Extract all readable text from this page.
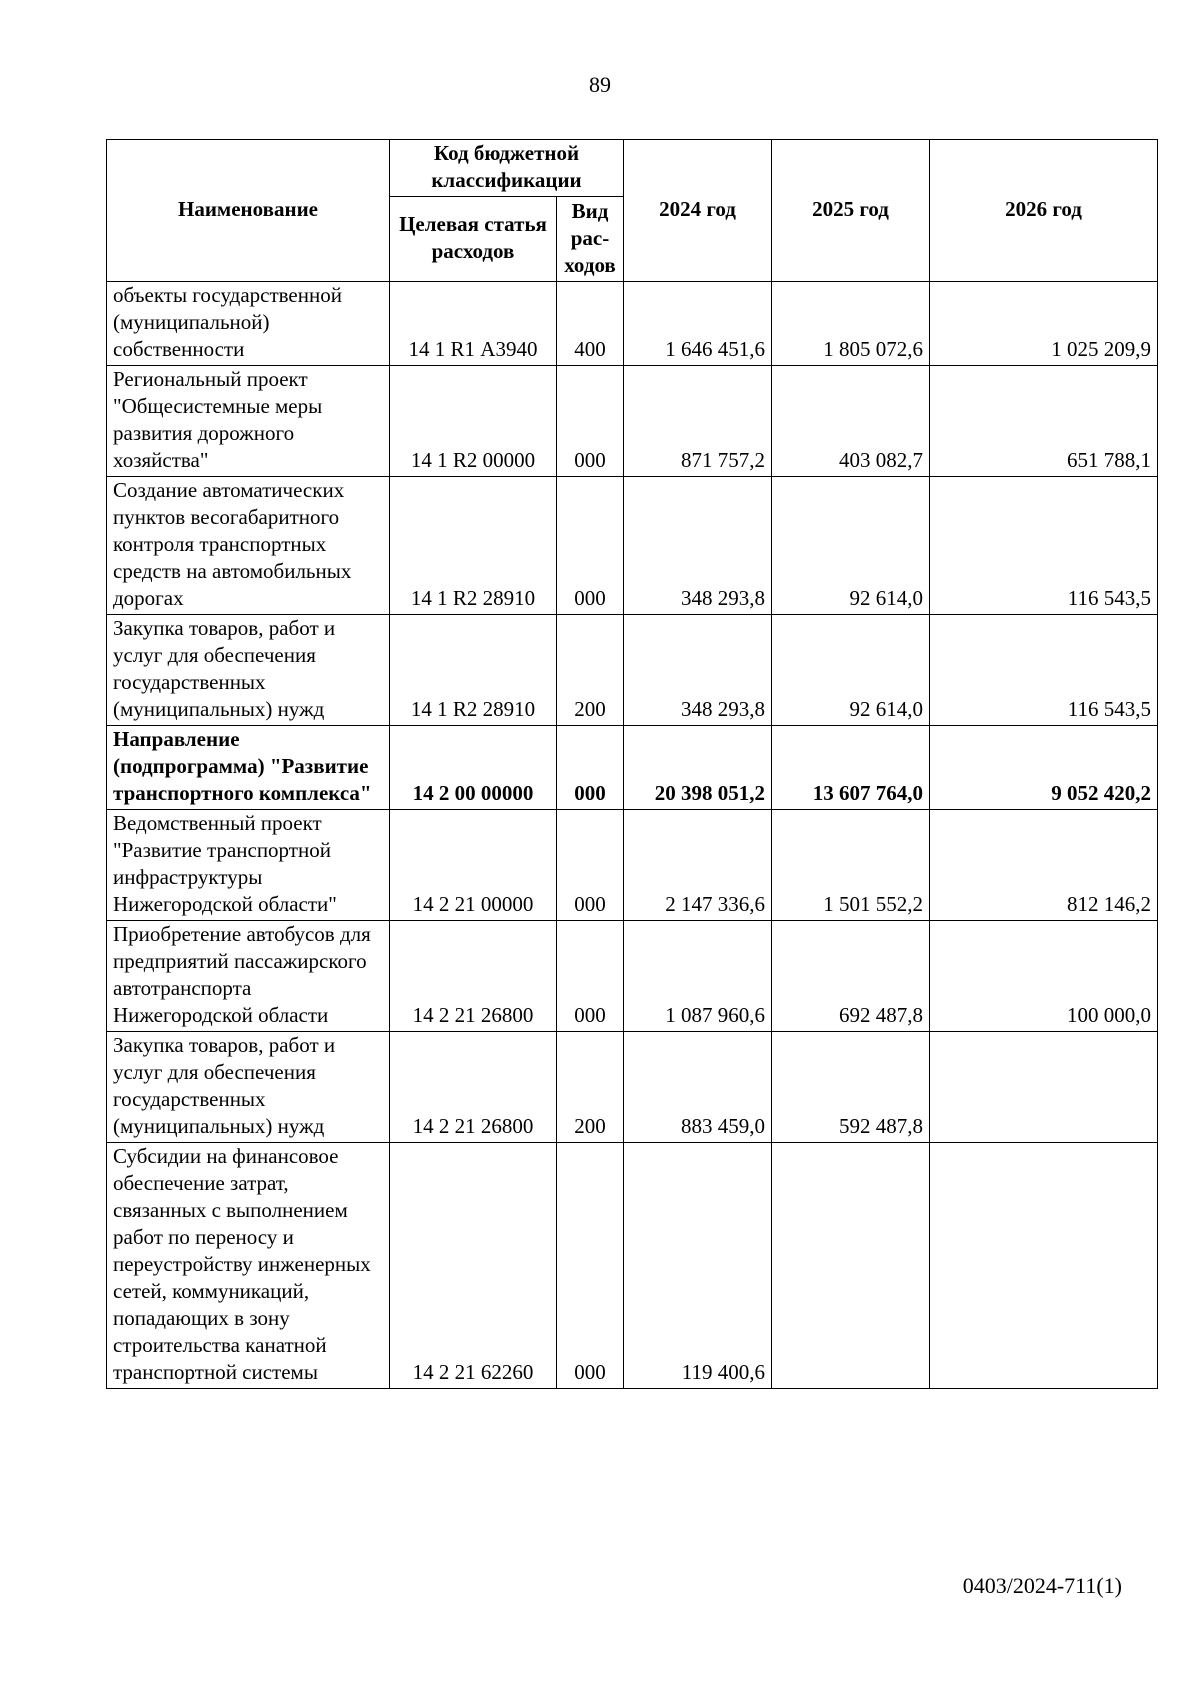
89
Наименование	Код бюджетной классификации		2024 год	2025 год	2026 год
	Целевая статья расходов	Вид рас-ходов			
объекты государственной (муниципальной) собственности	14 1 R1 А3940	400	1 646 451,6	1 805 072,6	1 025 209,9
Региональный проект "Общесистемные меры развития дорожного хозяйства"	14 1 R2 00000	000	871 757,2	403 082,7	651 788,1
Создание автоматических пунктов весогабаритного контроля транспортных средств на автомобильных дорогах	14 1 R2 28910	000	348 293,8	92 614,0	116 543,5
Закупка товаров, работ и услуг для обеспечения государственных (муниципальных) нужд	14 1 R2 28910	200	348 293,8	92 614,0	116 543,5
Направление (подпрограмма) "Развитие транспортного комплекса"	14 2 00 00000	000	20 398 051,2	13 607 764,0	9 052 420,2
Ведомственный проект "Развитие транспортной инфраструктуры Нижегородской области"	14 2 21 00000	000	2 147 336,6	1 501 552,2	812 146,2
Приобретение автобусов для предприятий пассажирского автотранспорта Нижегородской области	14 2 21 26800	000	1 087 960,6	692 487,8	100 000,0
Закупка товаров, работ и услуг для обеспечения государственных (муниципальных) нужд	14 2 21 26800	200	883 459,0	592 487,8	
Субсидии на финансовое обеспечение затрат, связанных с выполнением работ по переносу и переустройству инженерных сетей, коммуникаций, попадающих в зону строительства канатной транспортной системы	14 2 21 62260	000	119 400,6		
0403/2024-711(1)
